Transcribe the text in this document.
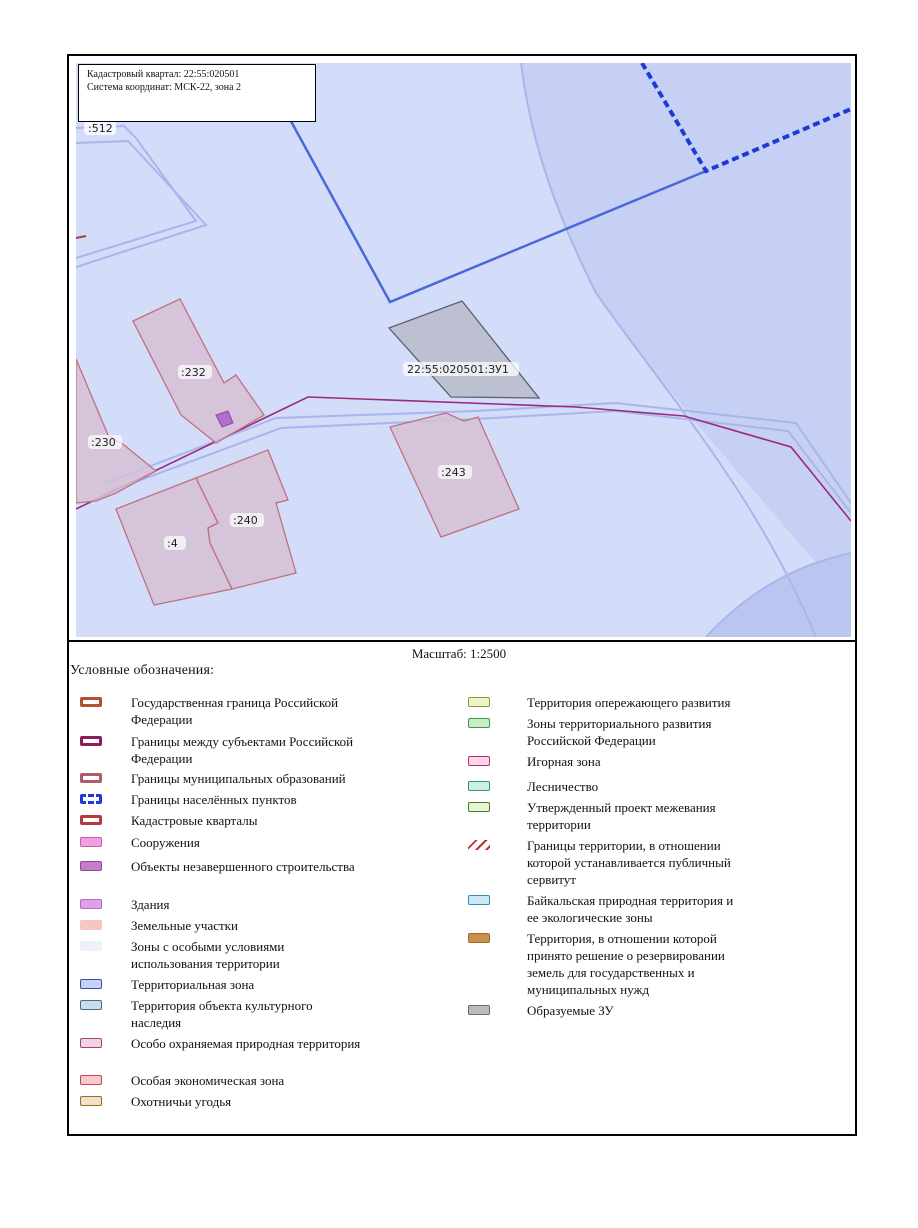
:512
:232
:230
:240
:4
:243
22:55:020501:ЗУ1
Кадастровый квартал: 22:55:020501
Система координат: МСК-22, зона 2
Масштаб: 1:2500
Условные обозначения:
Государственная граница Российской Федерации
Границы между субъектами Российской Федерации
Границы муниципальных образований
Границы населённых пунктов
Кадастровые кварталы
Сооружения
Объекты незавершенного строительства
Здания
Земельные участки
Зоны с особыми условиями использования территории
Территориальная зона
Территория объекта культурного наследия
Особо охраняемая природная территория
Особая экономическая зона
Охотничьи угодья
Территория опережающего развития
Зоны территориального развития Российской Федерации
Игорная зона
Лесничество
Утвержденный проект межевания территории
Границы территории, в отношении которой устанавливается публичный сервитут
Байкальская природная территория и ее экологические зоны
Территория, в отношении которой принято решение о резервировании земель для государственных и муниципальных нужд
Образуемые ЗУ
